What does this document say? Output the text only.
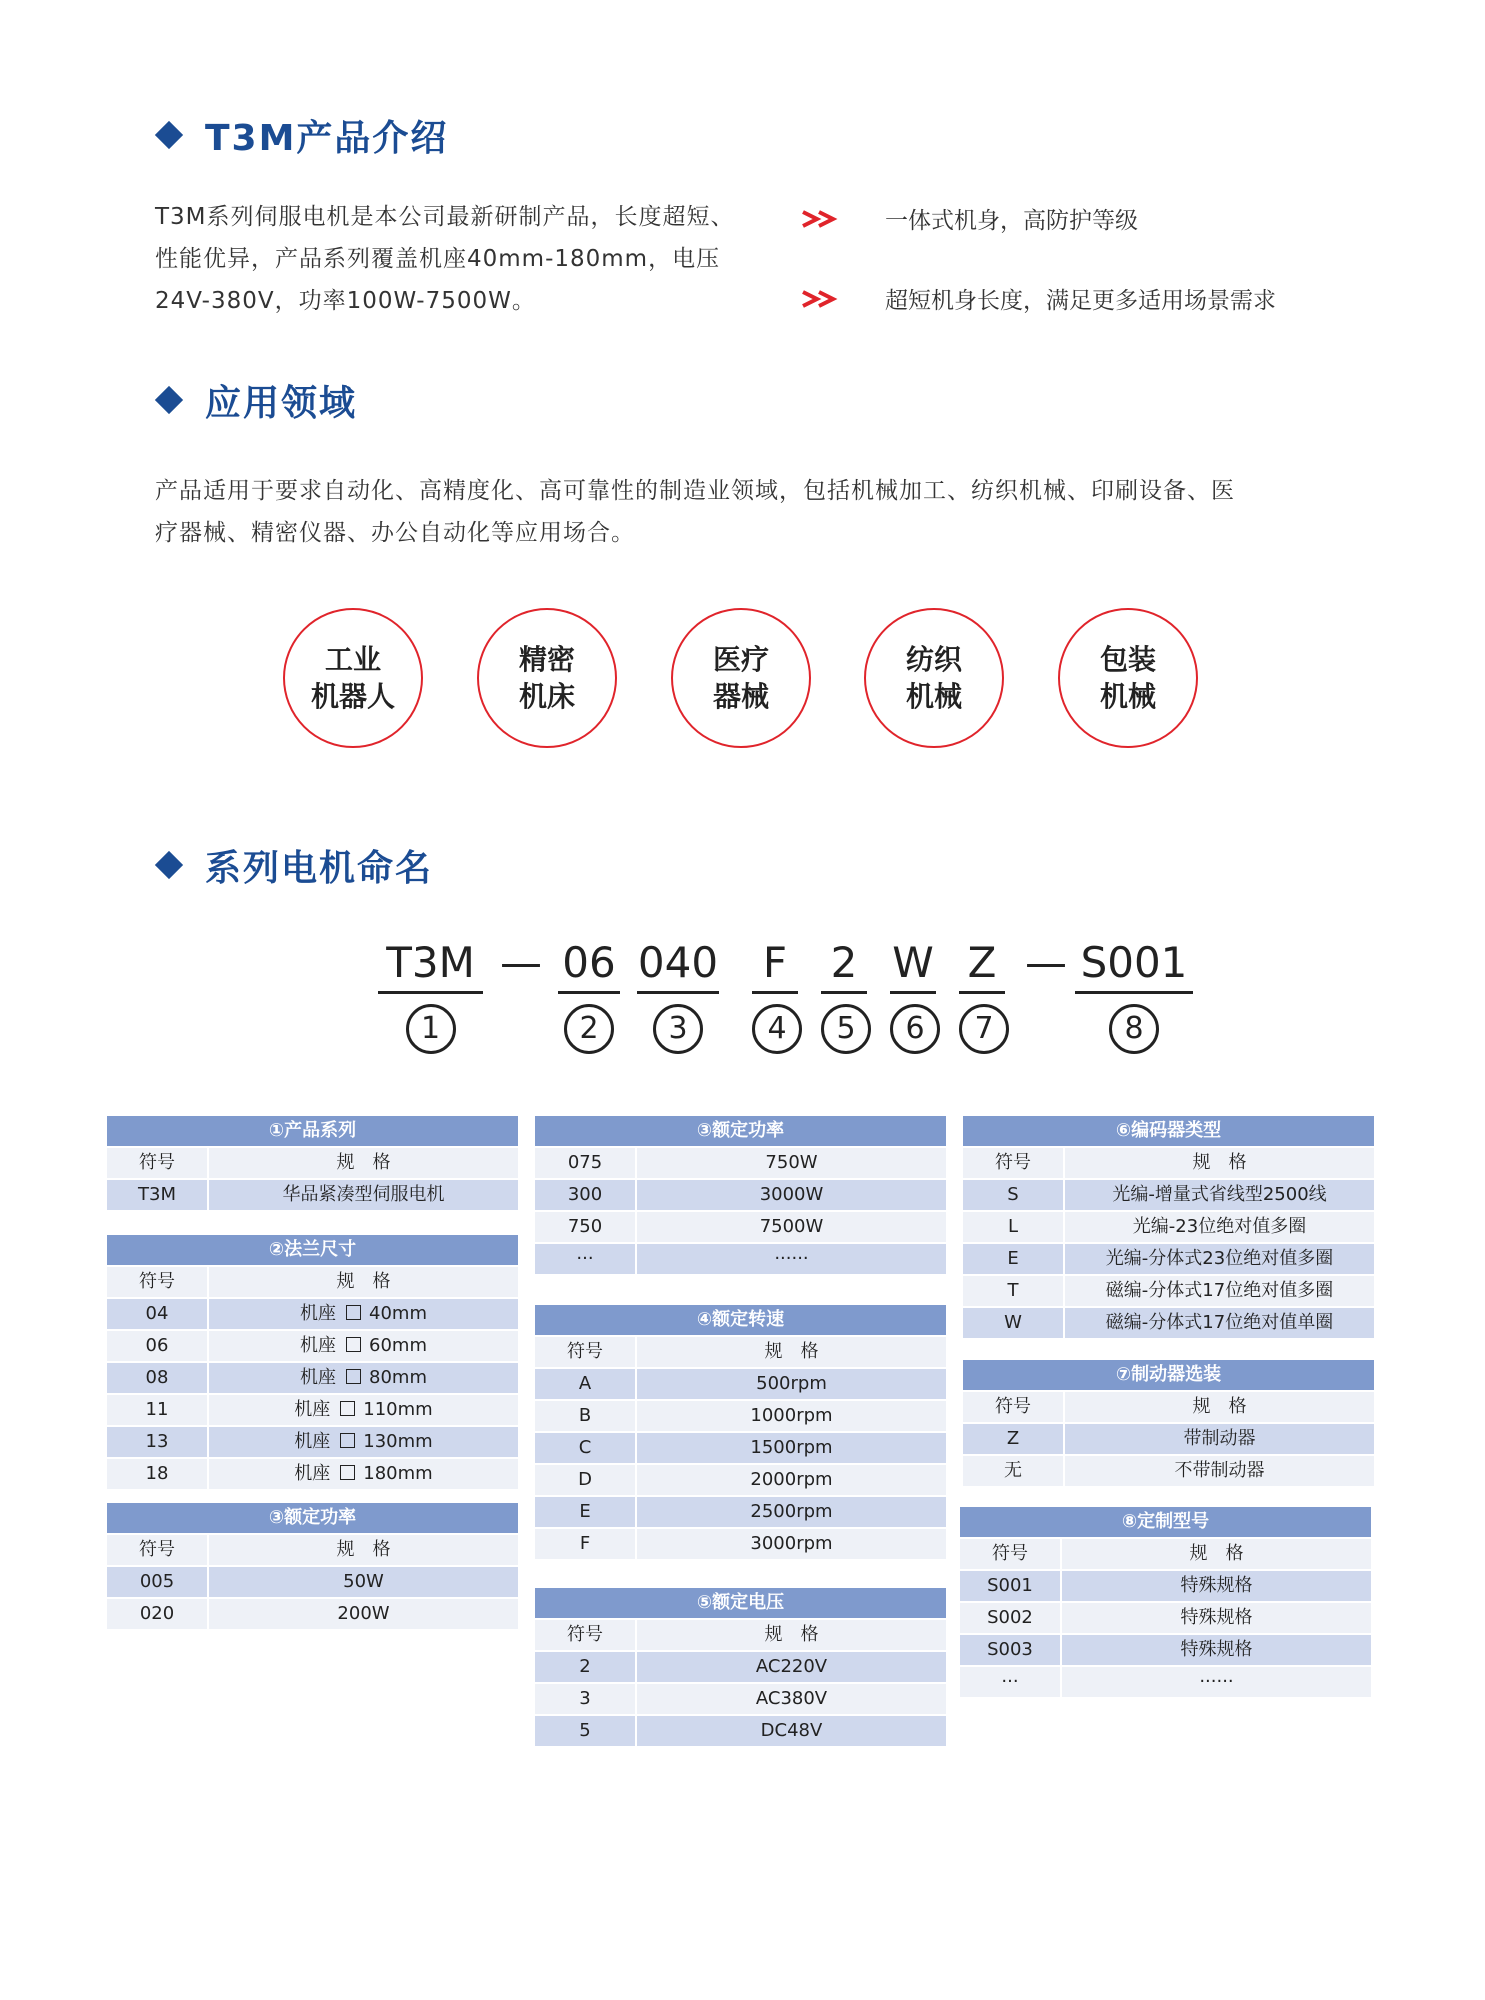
T3M产品介绍
T3M系列伺服电机是本公司最新研制产品，长度超短、
性能优异，产品系列覆盖机座40mm-180mm，电压
24V-380V，功率100W-7500W。
一体式机身，高防护等级
超短机身长度，满足更多适用场景需求
应用领域
产品适用于要求自动化、高精度化、高可靠性的制造业领域，包括机械加工、纺织机械、印刷设备、医
疗器械、精密仪器、办公自动化等应用场合。
工业
机器人
精密
机床
医疗
器械
纺织
机械
包装
机械
系列电机命名
T3M
1
— 06
2
040
3
F
4
2
5
W
6
Z
7
— S001
8
①产品系列
符号	规　格
T3M	华品紧凑型伺服电机
②法兰尺寸
符号	规　格
04	机座 40mm
06	机座 60mm
08	机座 80mm
11	机座 110mm
13	机座 130mm
18	机座 180mm
③额定功率
符号	规　格
005	50W
020	200W
③额定功率
075	750W
300	3000W
750	7500W
···	······
④额定转速
符号	规　格
A	500rpm
B	1000rpm
C	1500rpm
D	2000rpm
E	2500rpm
F	3000rpm
⑤额定电压
符号	规　格
2	AC220V
3	AC380V
5	DC48V
⑥编码器类型
符号	规　格
S	光编-增量式省线型2500线
L	光编-23位绝对值多圈
E	光编-分体式23位绝对值多圈
T	磁编-分体式17位绝对值多圈
W	磁编-分体式17位绝对值单圈
⑦制动器选装
符号	规　格
Z	带制动器
无	不带制动器
⑧定制型号
符号	规　格
S001	特殊规格
S002	特殊规格
S003	特殊规格
···	······
